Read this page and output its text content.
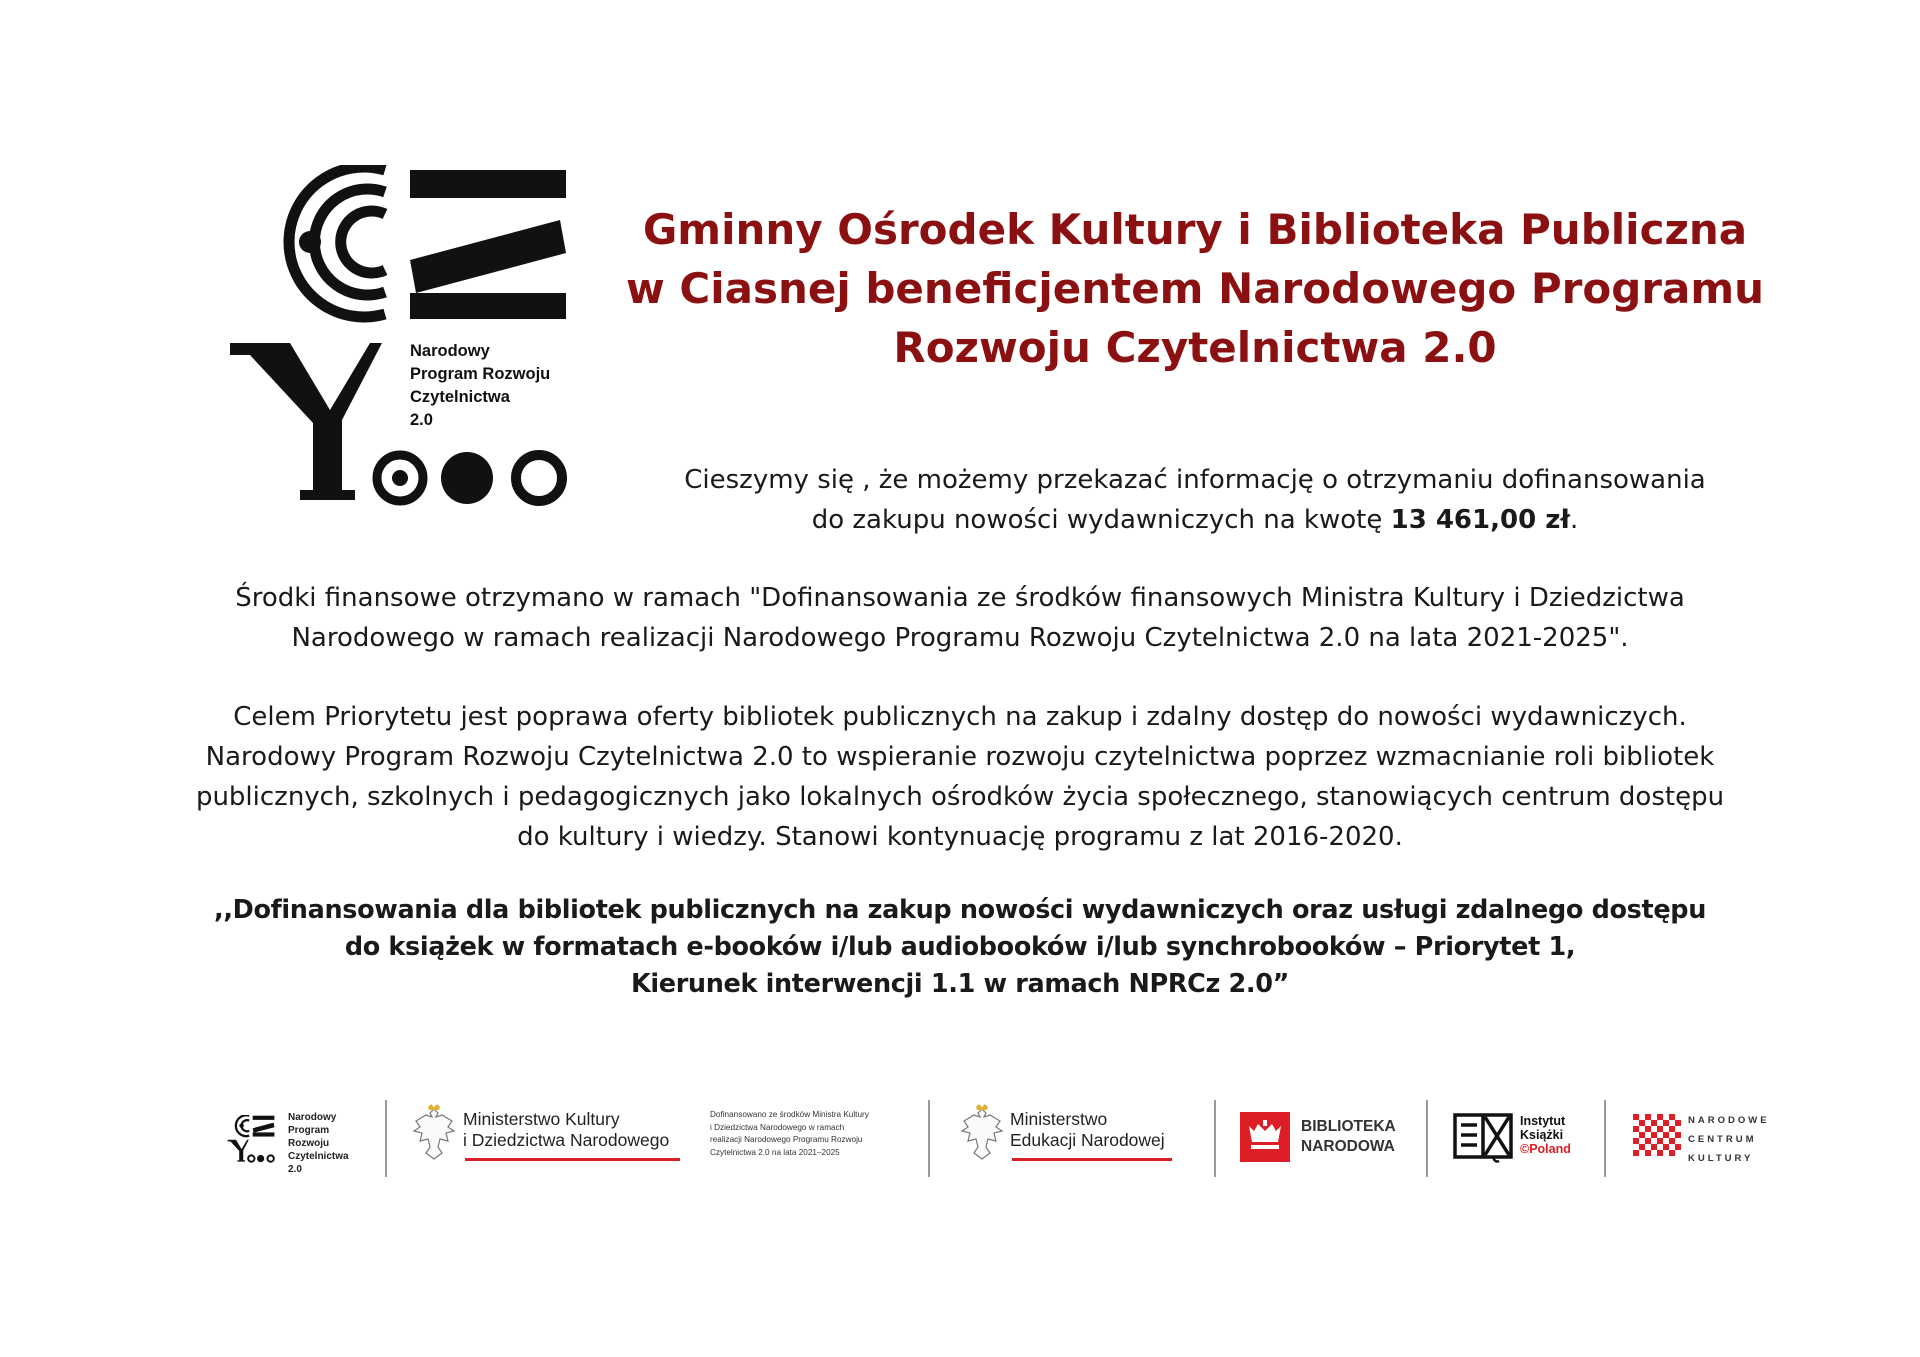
Narodowy
Program Rozwoju
Czytelnictwa
2.0
Gminny Ośrodek Kultury i Biblioteka Publiczna
w Ciasnej beneficjentem Narodowego Programu
Rozwoju Czytelnictwa 2.0
Cieszymy się , że możemy przekazać informację o otrzymaniu dofinansowania
do zakupu nowości wydawniczych na kwotę 13 461,00 zł.
Środki finansowe otrzymano w ramach "Dofinansowania ze środków finansowych Ministra Kultury i Dziedzictwa
Narodowego w ramach realizacji Narodowego Programu Rozwoju Czytelnictwa 2.0 na lata 2021-2025".
Celem Priorytetu jest poprawa oferty bibliotek publicznych na zakup i zdalny dostęp do nowości wydawniczych.
Narodowy Program Rozwoju Czytelnictwa 2.0 to wspieranie rozwoju czytelnictwa poprzez wzmacnianie roli bibliotek
publicznych, szkolnych i pedagogicznych jako lokalnych ośrodków życia społecznego, stanowiących centrum dostępu
do kultury i wiedzy. Stanowi kontynuację programu z lat 2016-2020.
,,Dofinansowania dla bibliotek publicznych na zakup nowości wydawniczych oraz usługi zdalnego dostępu
do książek w formatach e-booków i/lub audiobooków i/lub synchrobooków – Priorytet 1,
Kierunek interwencji 1.1 w ramach NPRCz 2.0”
Narodowy
Program
Rozwoju
Czytelnictwa
2.0
Ministerstwo Kultury
i Dziedzictwa Narodowego
Dofinansowano ze środków Ministra Kultury
i Dziedzictwa Narodowego w ramach
realizacji Narodowego Programu Rozwoju
Czytelnictwa 2.0 na lata 2021–2025
Ministerstwo
Edukacji Narodowej
BIBLIOTEKA
NARODOWA
Instytut
Książki
©Poland
NARODOWE
CENTRUM
KULTURY
